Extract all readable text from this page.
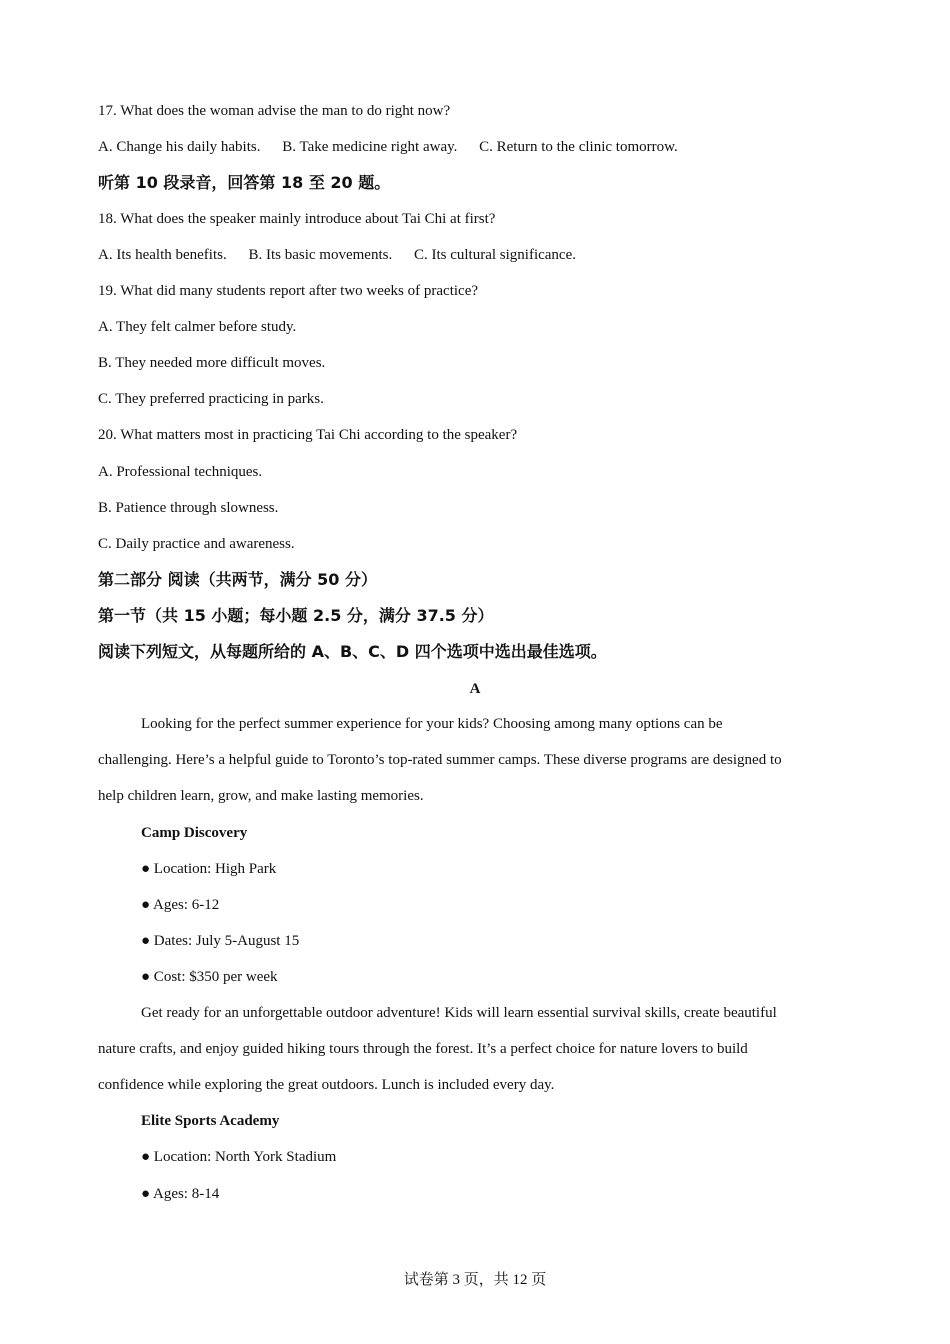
17. What does the woman advise the man to do right now?
A. Change his daily habits. B. Take medicine right away. C. Return to the clinic tomorrow.
听第 10 段录音，回答第 18 至 20 题。
18. What does the speaker mainly introduce about Tai Chi at first?
A. Its health benefits. B. Its basic movements. C. Its cultural significance.
19. What did many students report after two weeks of practice?
A. They felt calmer before study.
B. They needed more difficult moves.
C. They preferred practicing in parks.
20. What matters most in practicing Tai Chi according to the speaker?
A. Professional techniques.
B. Patience through slowness.
C. Daily practice and awareness.
第二部分 阅读（共两节，满分 50 分）
第一节（共 15 小题；每小题 2.5 分，满分 37.5 分）
阅读下列短文，从每题所给的 A、B、C、D 四个选项中选出最佳选项。
A
Looking for the perfect summer experience for your kids? Choosing among many options can be
challenging. Here’s a helpful guide to Toronto’s top-rated summer camps. These diverse programs are designed to
help children learn, grow, and make lasting memories.
Camp Discovery
● Location: High Park
● Ages: 6-12
● Dates: July 5-August 15
● Cost: $350 per week
Get ready for an unforgettable outdoor adventure! Kids will learn essential survival skills, create beautiful
nature crafts, and enjoy guided hiking tours through the forest. It’s a perfect choice for nature lovers to build
confidence while exploring the great outdoors. Lunch is included every day.
Elite Sports Academy
● Location: North York Stadium
● Ages: 8-14
试卷第 3 页，共 12 页
